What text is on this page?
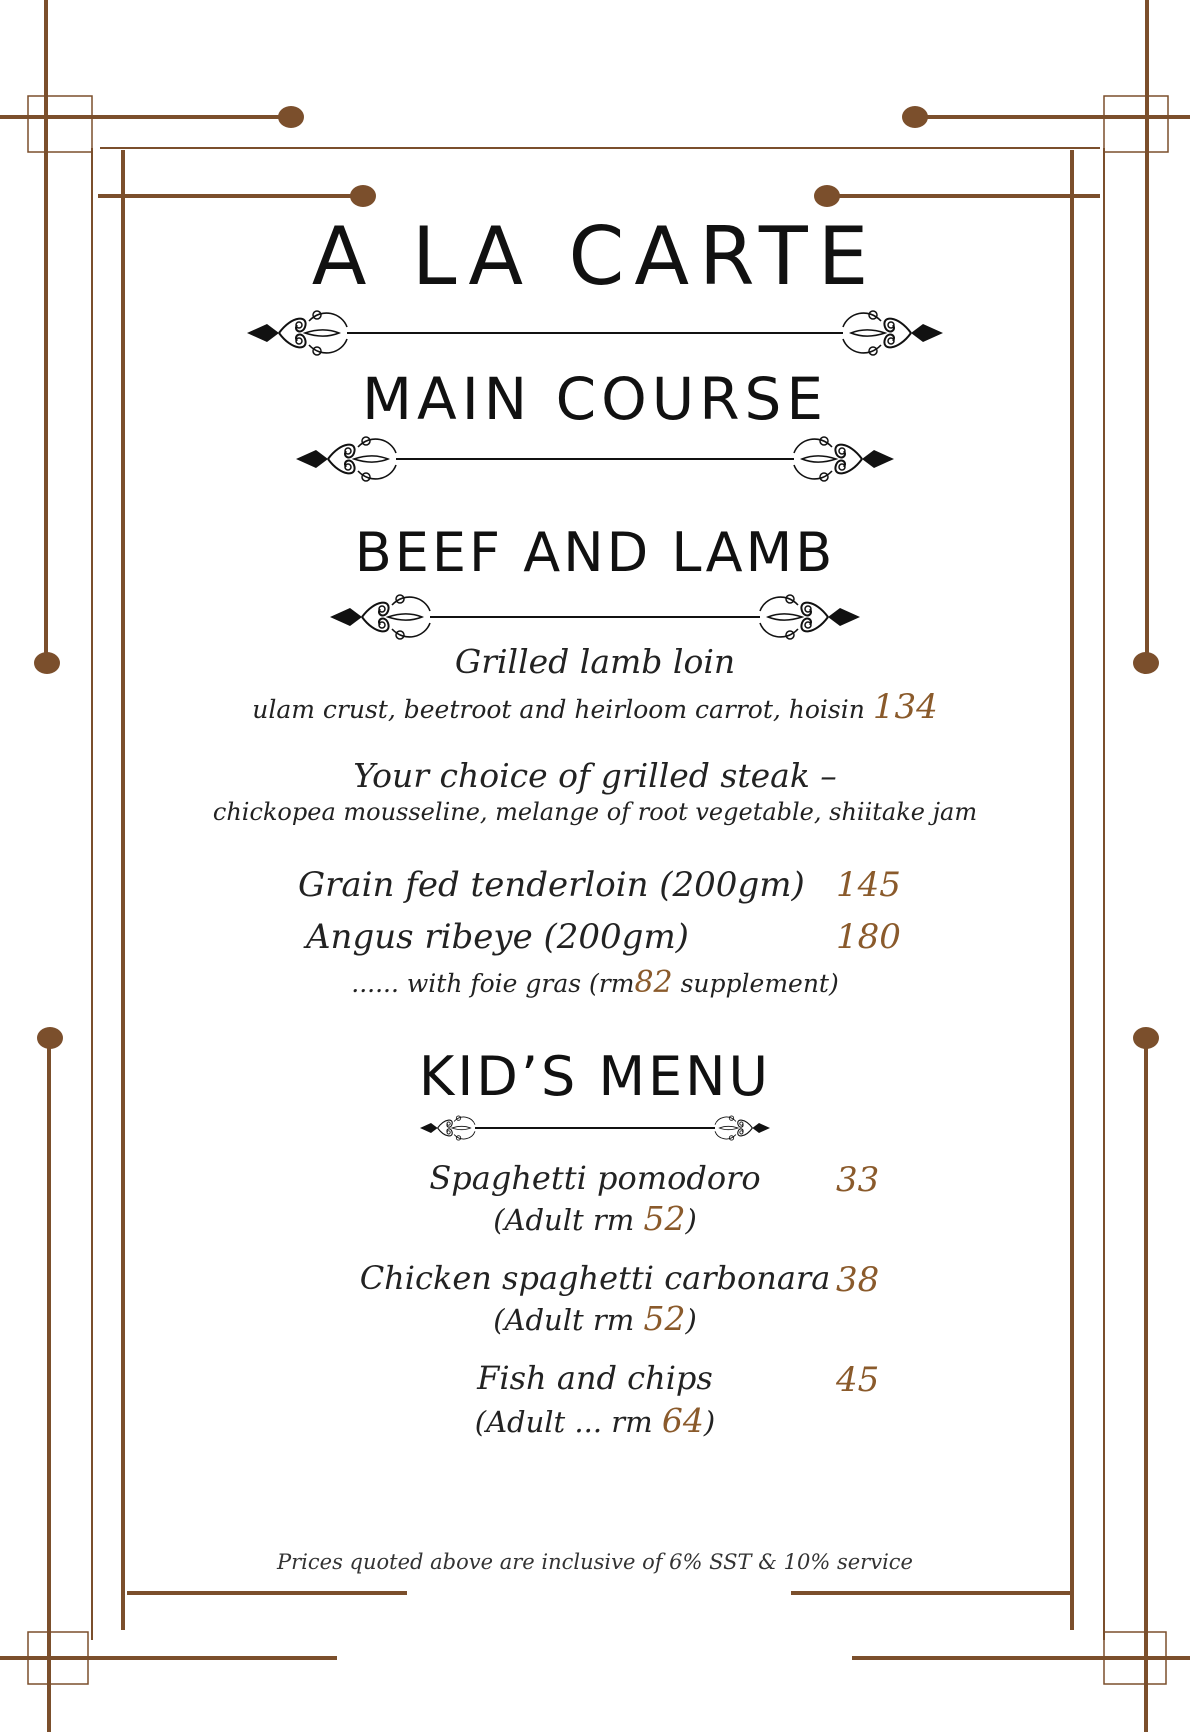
A LA CARTE
MAIN COURSE
BEEF AND LAMB
Grilled lamb loin
ulam crust, beetroot and heirloom carrot, hoisin 134
Your choice of grilled steak –
chickopea mousseline, melange of root vegetable, shiitake jam
Grain fed tenderloin (200gm) 145
Angus ribeye (200gm)	180
...... with foie gras (rm82 supplement)
KID’S MENU
Spaghetti pomodoro	33
(Adult rm 52)
Chicken spaghetti carbonara 38
(Adult rm 52)
Fish and chips	45
(Adult ... rm 64)
Prices quoted above are inclusive of 6% SST & 10% service
